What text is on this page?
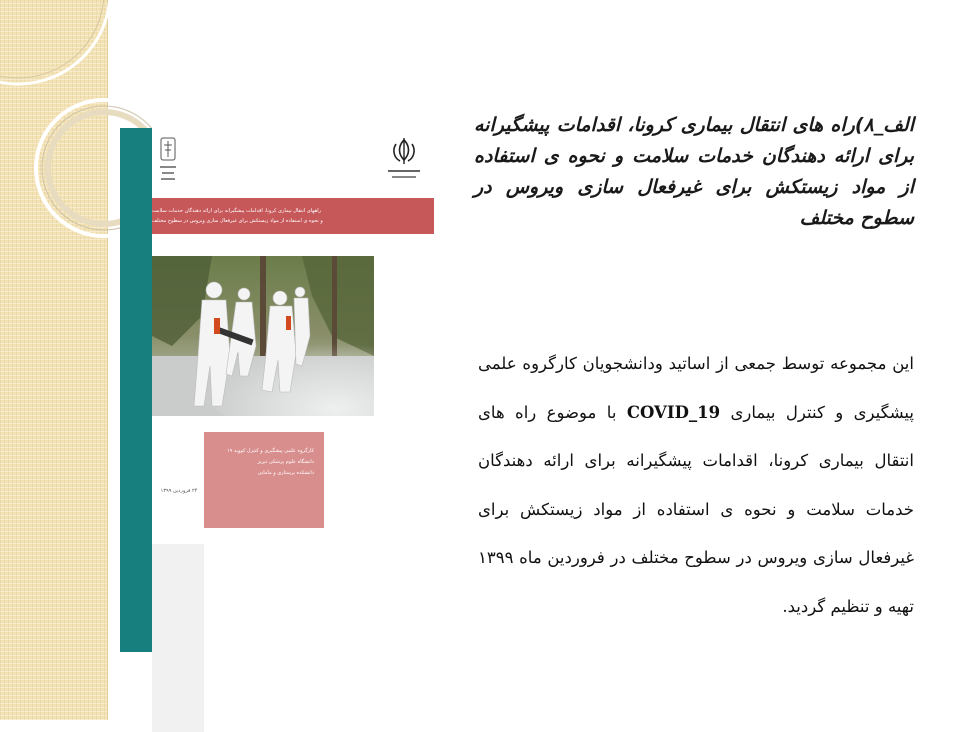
راههای انتقال بیماری کرونا، اقدامات پیشگیرانه برای ارائه دهندگان خدمات سلامت
و نحوه ی استفاده از مواد زیستکش برای غیرفعال سازی ویروس در سطوح مختلف
کارگروه علمی پیشگیری و کنترل کووید ۱۹
دانشگاه علوم پزشکی تبریز
دانشکده پرستاری و مامایی
۲۴ فروردین ۱۳۹۹
الف_۸)راه های انتقال بیماری کرونا، اقدامات پیشگیرانه برای ارائه دهندگان خدمات سلامت و نحوه ی استفاده از مواد زیستکش برای غیرفعال سازی ویروس در سطوح مختلف

این مجموعه توسط جمعی از اساتید ودانشجویان کارگروه علمی پیشگیری و کنترل بیماری COVID_19 با موضوع راه های انتقال بیماری کرونا، اقدامات پیشگیرانه برای ارائه دهندگان خدمات سلامت و نحوه ی استفاده از مواد زیستکش برای غیرفعال سازی ویروس در سطوح مختلف در فروردین ماه ۱۳۹۹ تهیه و تنظیم گردید.
